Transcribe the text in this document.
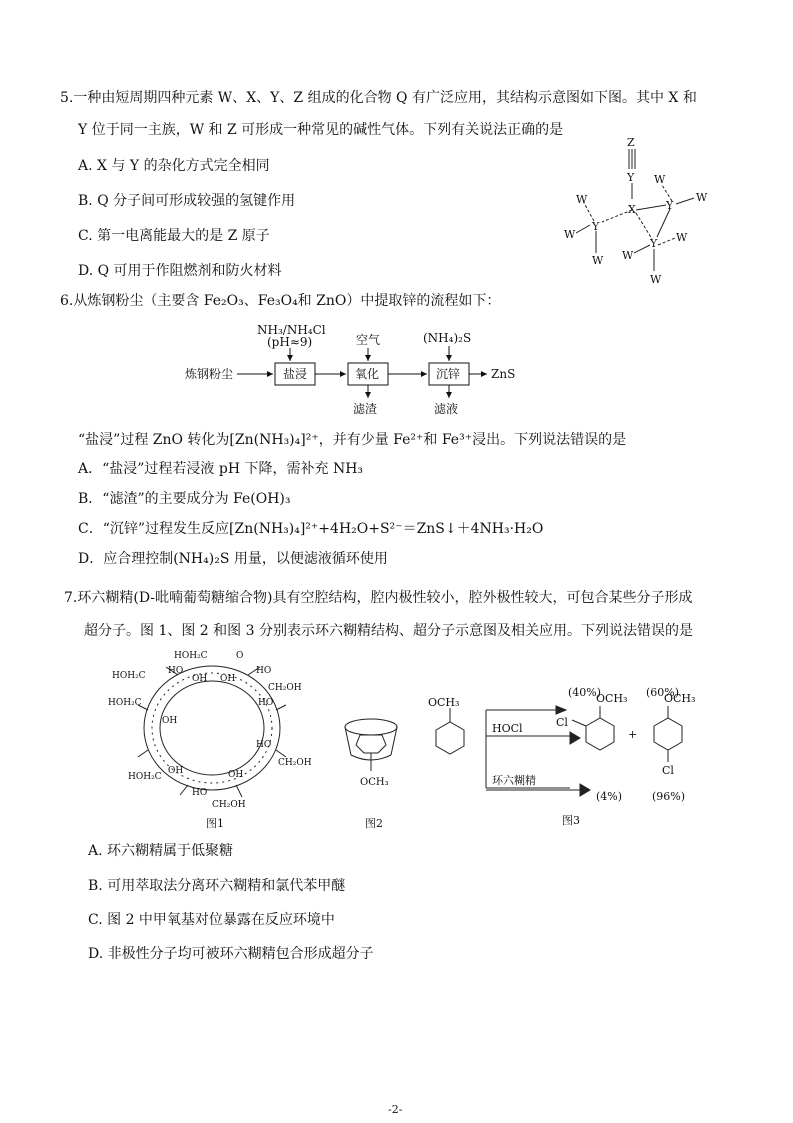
5.一种由短周期四种元素 W、X、Y、Z 组成的化合物 Q 有广泛应用，其结构示意图如下图。其中 X 和
Y 位于同一主族，W 和 Z 可形成一种常见的碱性气体。下列有关说法正确的是
A. X 与 Y 的杂化方式完全相同
B. Q 分子间可形成较强的氢键作用
C. 第一电离能最大的是 Z 原子
D. Q 可用于作阻燃剂和防火材料
Z
Y
X	Y
Y
Y
W
W
W
W
W
W
W
W
6.从炼钢粉尘（主要含 Fe₂O₃、Fe₃O₄和 ZnO）中提取锌的流程如下：
炼钢粉尘
NH₃/NH₄Cl
(pH≈9)
盐浸
空气
氧化
滤渣
(NH₄)₂S
沉锌
滤液
ZnS
“盐浸”过程 ZnO 转化为[Zn(NH₃)₄]²⁺，并有少量 Fe²⁺和 Fe³⁺浸出。下列说法错误的是
A．“盐浸”过程若浸液 pH 下降，需补充 NH₃
B．“滤渣”的主要成分为 Fe(OH)₃
C．“沉锌”过程发生反应[Zn(NH₃)₄]²⁺+4H₂O+S²⁻＝ZnS↓＋4NH₃·H₂O
D．应合理控制(NH₄)₂S 用量，以便滤液循环使用
7.环六糊精(D-吡喃葡萄糖缩合物)具有空腔结构，腔内极性较小，腔外极性较大，可包合某些分子形成
超分子。图 1、图 2 和图 3 分别表示环六糊精结构、超分子示意图及相关应用。下列说法错误的是
HOH₂C	O
HO
OH OH
HO
HOH₂C
HOH₂C
CH₂OH
HO
OH
HO
CH₂OH
HOH₂C
OH	OH
CH₂OH
HO
图1
OCH₃
图2
OCH₃
HOCl
环六糊精
(40%)	(60%)
OCH₃
Cl
+
OCH₃
Cl
(4%)	(96%)
图3
A. 环六糊精属于低聚糖
B. 可用萃取法分离环六糊精和氯代苯甲醚
C. 图 2 中甲氧基对位暴露在反应环境中
D. 非极性分子均可被环六糊精包合形成超分子
-2-
